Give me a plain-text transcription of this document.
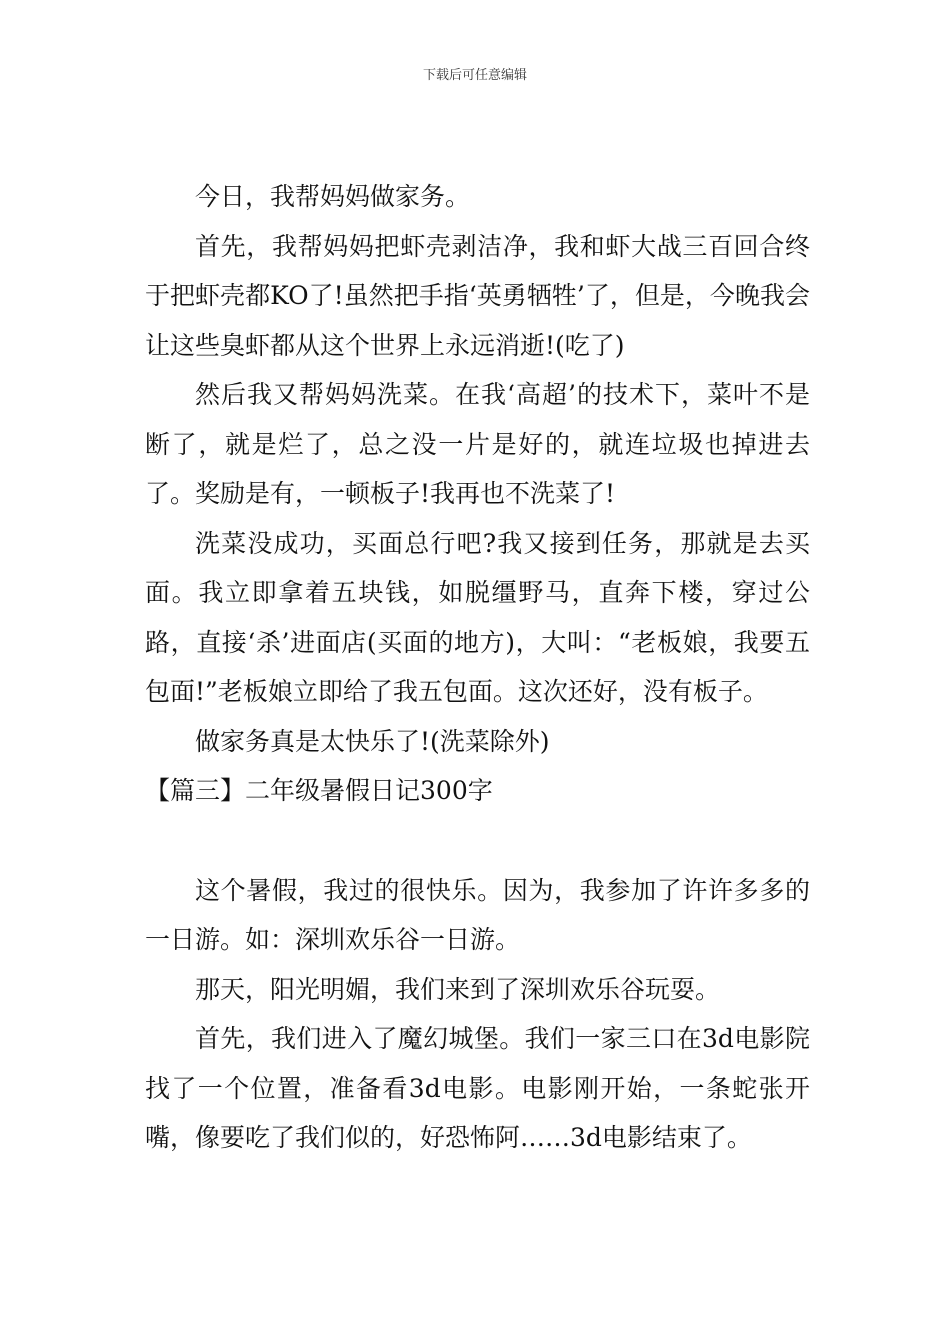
下载后可任意编辑

今日，我帮妈妈做家务。

首先，我帮妈妈把虾壳剥洁净，我和虾大战三百回合终于把虾壳都KO了!虽然把手指‘英勇牺牲’了，但是，今晚我会让这些臭虾都从这个世界上永远消逝!(吃了)

然后我又帮妈妈洗菜。在我‘高超’的技术下，菜叶不是断了，就是烂了，总之没一片是好的，就连垃圾也掉进去了。奖励是有，一顿板子!我再也不洗菜了!

洗菜没成功，买面总行吧?我又接到任务，那就是去买面。我立即拿着五块钱，如脱缰野马，直奔下楼，穿过公路，直接‘杀’进面店(买面的地方)，大叫：“老板娘，我要五包面!”老板娘立即给了我五包面。这次还好，没有板子。

做家务真是太快乐了!(洗菜除外)

【篇三】二年级暑假日记300字

这个暑假，我过的很快乐。因为，我参加了许许多多的一日游。如：深圳欢乐谷一日游。

那天，阳光明媚，我们来到了深圳欢乐谷玩耍。

首先，我们进入了魔幻城堡。我们一家三口在3d电影院找了一个位置，准备看3d电影。电影刚开始，一条蛇张开嘴，像要吃了我们似的，好恐怖阿……3d电影结束了。
